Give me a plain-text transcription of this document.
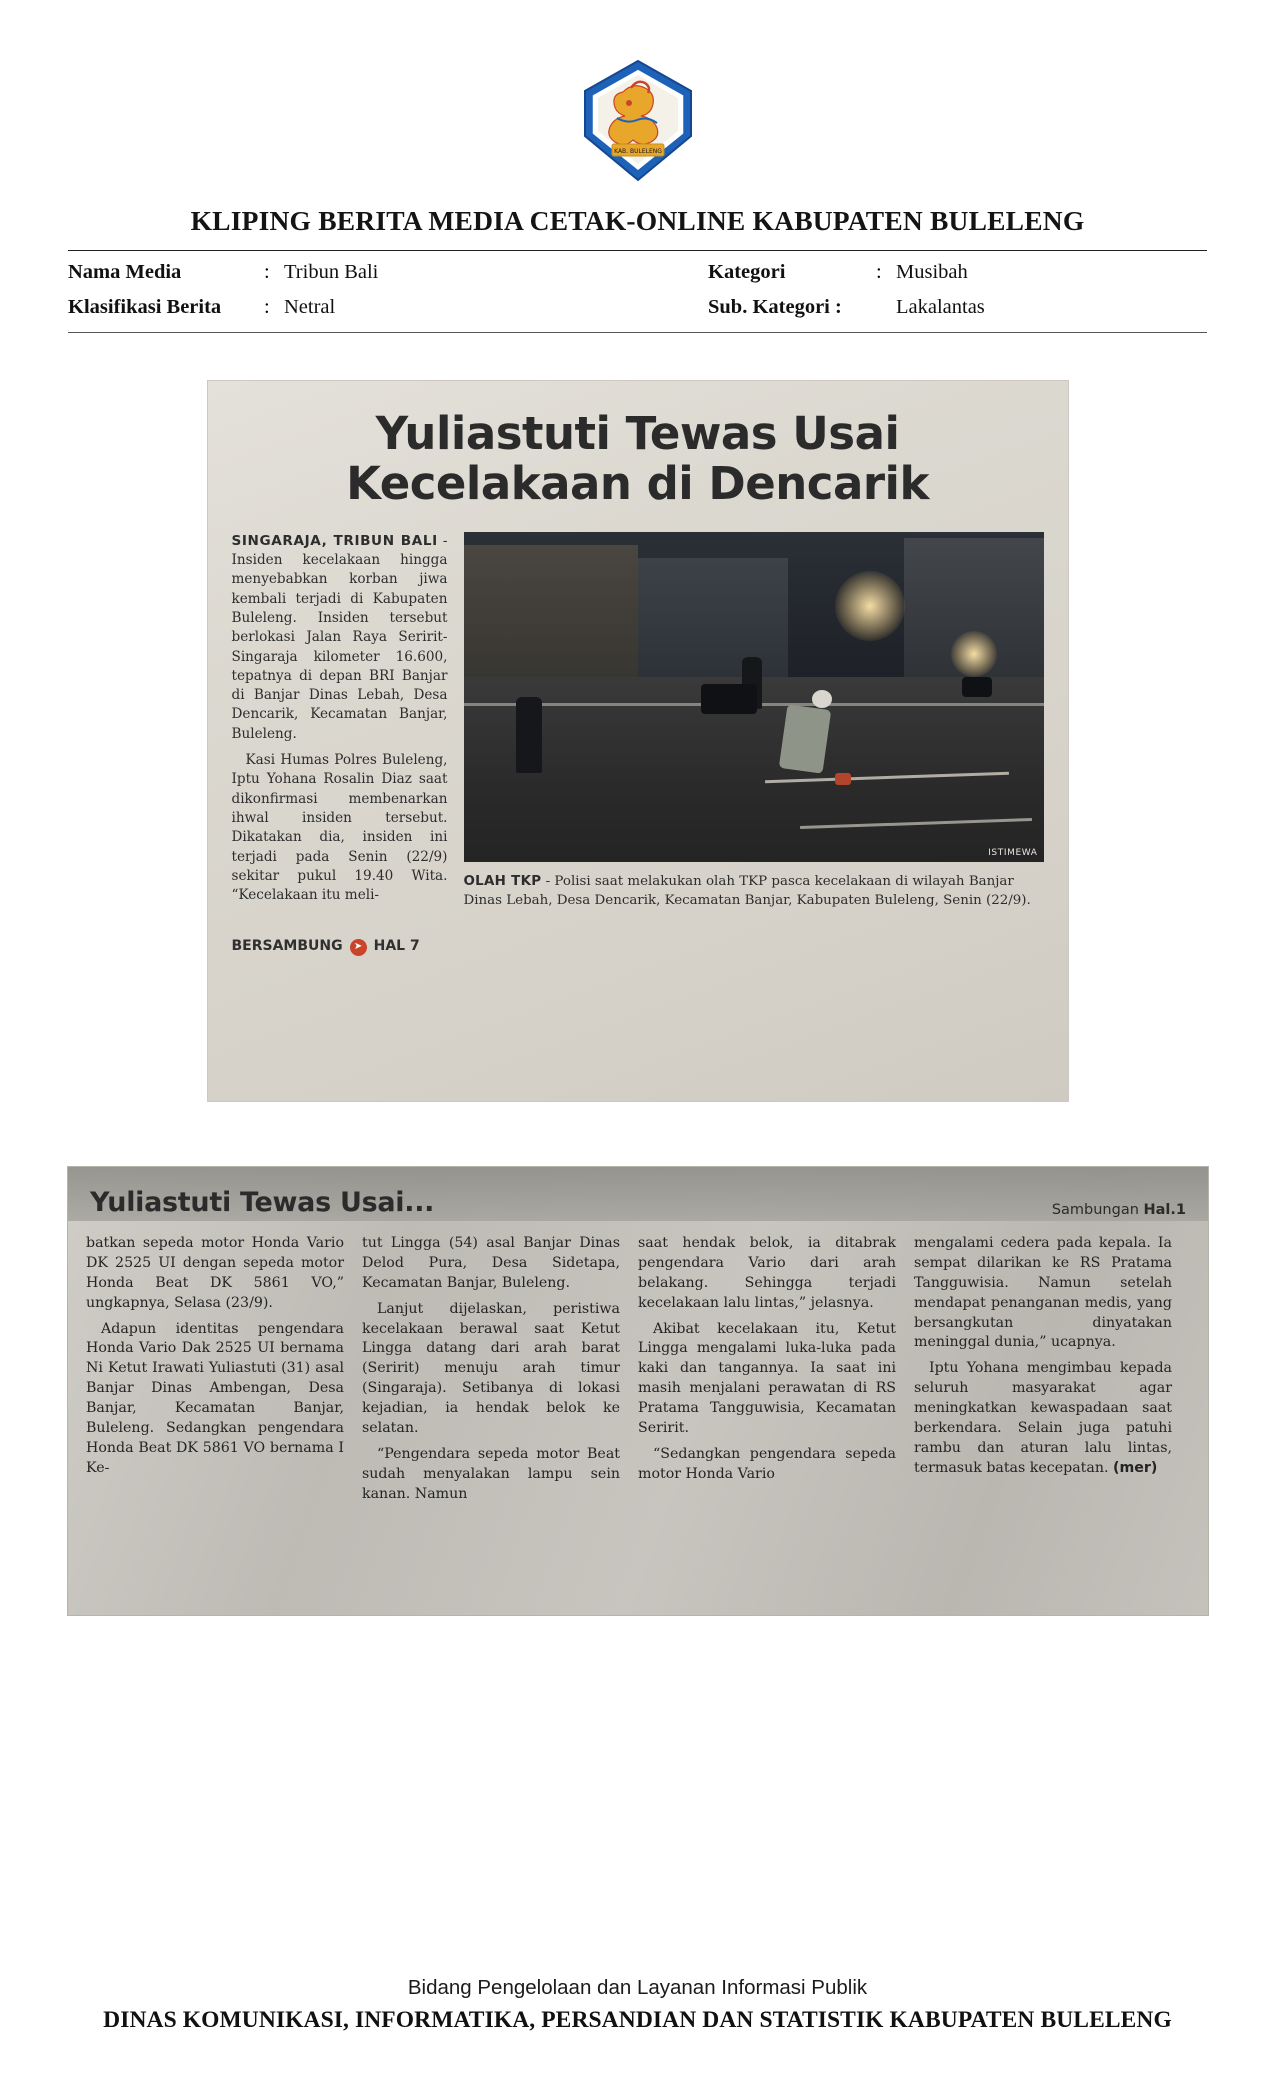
KAB. BULELENG
KLIPING BERITA MEDIA CETAK-ONLINE KABUPATEN BULELENG
Nama Media	: Tribun Bali
Klasifikasi Berita	: Netral
Kategori	: Musibah
Sub. Kategori :	Lakalantas
Yuliastuti Tewas Usai
Kecelakaan di Dencarik

SINGARAJA, TRIBUN BALI - Insiden kecelakaan hingga menyebabkan korban jiwa kembali terjadi di Kabupaten Buleleng. Insiden tersebut berlokasi Jalan Raya Seririt-Singaraja kilometer 16.600, tepatnya di depan BRI Banjar di Banjar Dinas Lebah, Desa Dencarik, Kecamatan Banjar, Buleleng.

Kasi Humas Polres Buleleng, Iptu Yohana Rosalin Diaz saat dikonfirmasi membenarkan ihwal insiden tersebut. Dikatakan dia, insiden ini terjadi pada Senin (22/9) sekitar pukul 19.40 Wita. “Kecelakaan itu meli-

BERSAMBUNG	➤ HAL 7
ISTIMEWA
OLAH TKP - Polisi saat melakukan olah TKP pasca kecelakaan di wilayah Banjar Dinas Lebah, Desa Dencarik, Kecamatan Banjar, Kabupaten Buleleng, Senin (22/9).
Yuliastuti Tewas Usai...	Sambungan Hal.1

batkan sepeda motor Honda Vario DK 2525 UI dengan sepeda motor Honda Beat DK 5861 VO,” ungkapnya, Selasa (23/9).

Adapun identitas pengendara Honda Vario Dak 2525 UI bernama Ni Ketut Irawati Yuliastuti (31) asal Banjar Dinas Ambengan, Desa Banjar, Kecamatan Banjar, Buleleng. Sedangkan pengendara Honda Beat DK 5861 VO bernama I Ke-

tut Lingga (54) asal Banjar Dinas Delod Pura, Desa Sidetapa, Kecamatan Banjar, Buleleng.

Lanjut dijelaskan, peristiwa kecelakaan berawal saat Ketut Lingga datang dari arah barat (Seririt) menuju arah timur (Singaraja). Setibanya di lokasi kejadian, ia hendak belok ke selatan.

“Pengendara sepeda motor Beat sudah menyalakan lampu sein kanan. Namun

saat hendak belok, ia ditabrak pengendara Vario dari arah belakang. Sehingga terjadi kecelakaan lalu lintas,” jelasnya.

Akibat kecelakaan itu, Ketut Lingga mengalami luka-luka pada kaki dan tangannya. Ia saat ini masih menjalani perawatan di RS Pratama Tangguwisia, Kecamatan Seririt.

“Sedangkan pengendara sepeda motor Honda Vario

mengalami cedera pada kepala. Ia sempat dilarikan ke RS Pratama Tangguwisia. Namun setelah mendapat penanganan medis, yang bersangkutan dinyatakan meninggal dunia,” ucapnya.

Iptu Yohana mengimbau kepada seluruh masyarakat agar meningkatkan kewaspadaan saat berkendara. Selain juga patuhi rambu dan aturan lalu lintas, termasuk batas kecepatan. (mer)

Bidang Pengelolaan dan Layanan Informasi Publik
DINAS KOMUNIKASI, INFORMATIKA, PERSANDIAN DAN STATISTIK KABUPATEN BULELENG
